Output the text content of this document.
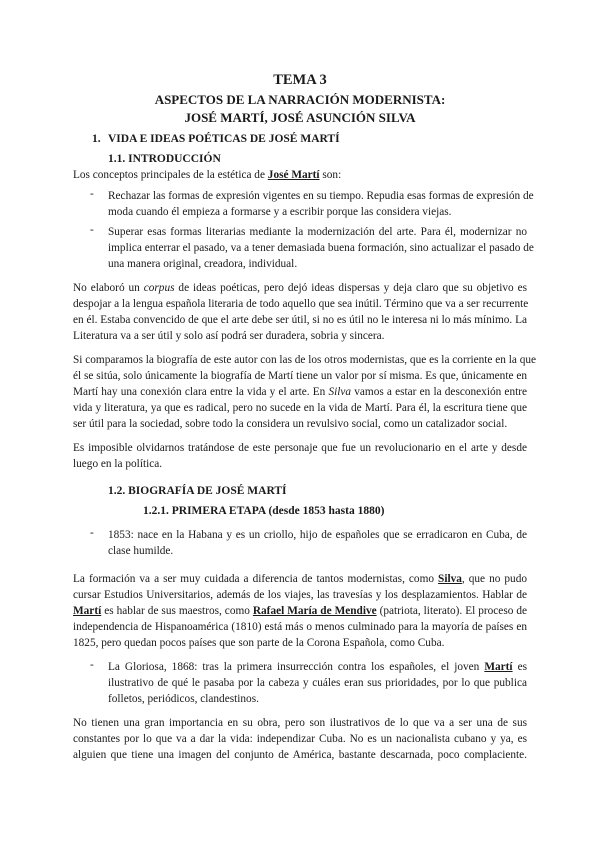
TEMA 3
ASPECTOS DE LA NARRACIÓN MODERNISTA:
JOSÉ MARTÍ, JOSÉ ASUNCIÓN SILVA
1. VIDA E IDEAS POÉTICAS DE JOSÉ MARTÍ
1.1. INTRODUCCIÓN
Los conceptos principales de la estética de José Martí son:
- Rechazar las formas de expresión vigentes en su tiempo. Repudia esas formas de expresión de
moda cuando él empieza a formarse y a escribir porque las considera viejas.
- Superar esas formas literarias mediante la modernización del arte. Para él, modernizar no
implica enterrar el pasado, va a tener demasiada buena formación, sino actualizar el pasado de
una manera original, creadora, individual.
No elaboró un corpus de ideas poéticas, pero dejó ideas dispersas y deja claro que su objetivo es
despojar a la lengua española literaria de todo aquello que sea inútil. Término que va a ser recurrente
en él. Estaba convencido de que el arte debe ser útil, si no es útil no le interesa ni lo más mínimo. La
Literatura va a ser útil y solo así podrá ser duradera, sobria y sincera.
Si comparamos la biografía de este autor con las de los otros modernistas, que es la corriente en la que
él se sitúa, solo únicamente la biografía de Martí tiene un valor por sí misma. Es que, únicamente en
Martí hay una conexión clara entre la vida y el arte. En Silva vamos a estar en la desconexión entre
vida y literatura, ya que es radical, pero no sucede en la vida de Martí. Para él, la escritura tiene que
ser útil para la sociedad, sobre todo la considera un revulsivo social, como un catalizador social.
Es imposible olvidarnos tratándose de este personaje que fue un revolucionario en el arte y desde
luego en la política.
1.2. BIOGRAFÍA DE JOSÉ MARTÍ
1.2.1. PRIMERA ETAPA (desde 1853 hasta 1880)
- 1853: nace en la Habana y es un criollo, hijo de españoles que se erradicaron en Cuba, de
clase humilde.
La formación va a ser muy cuidada a diferencia de tantos modernistas, como Silva, que no pudo
cursar Estudios Universitarios, además de los viajes, las travesías y los desplazamientos. Hablar de
Martí es hablar de sus maestros, como Rafael María de Mendive (patriota, literato). El proceso de
independencia de Hispanoamérica (1810) está más o menos culminado para la mayoría de países en
1825, pero quedan pocos países que son parte de la Corona Española, como Cuba.
- La Gloriosa, 1868: tras la primera insurrección contra los españoles, el joven Martí es
ilustrativo de qué le pasaba por la cabeza y cuáles eran sus prioridades, por lo que publica
folletos, periódicos, clandestinos.
No tienen una gran importancia en su obra, pero son ilustrativos de lo que va a ser una de sus
constantes por lo que va a dar la vida: independizar Cuba. No es un nacionalista cubano y ya, es
alguien que tiene una imagen del conjunto de América, bastante descarnada, poco complaciente.
